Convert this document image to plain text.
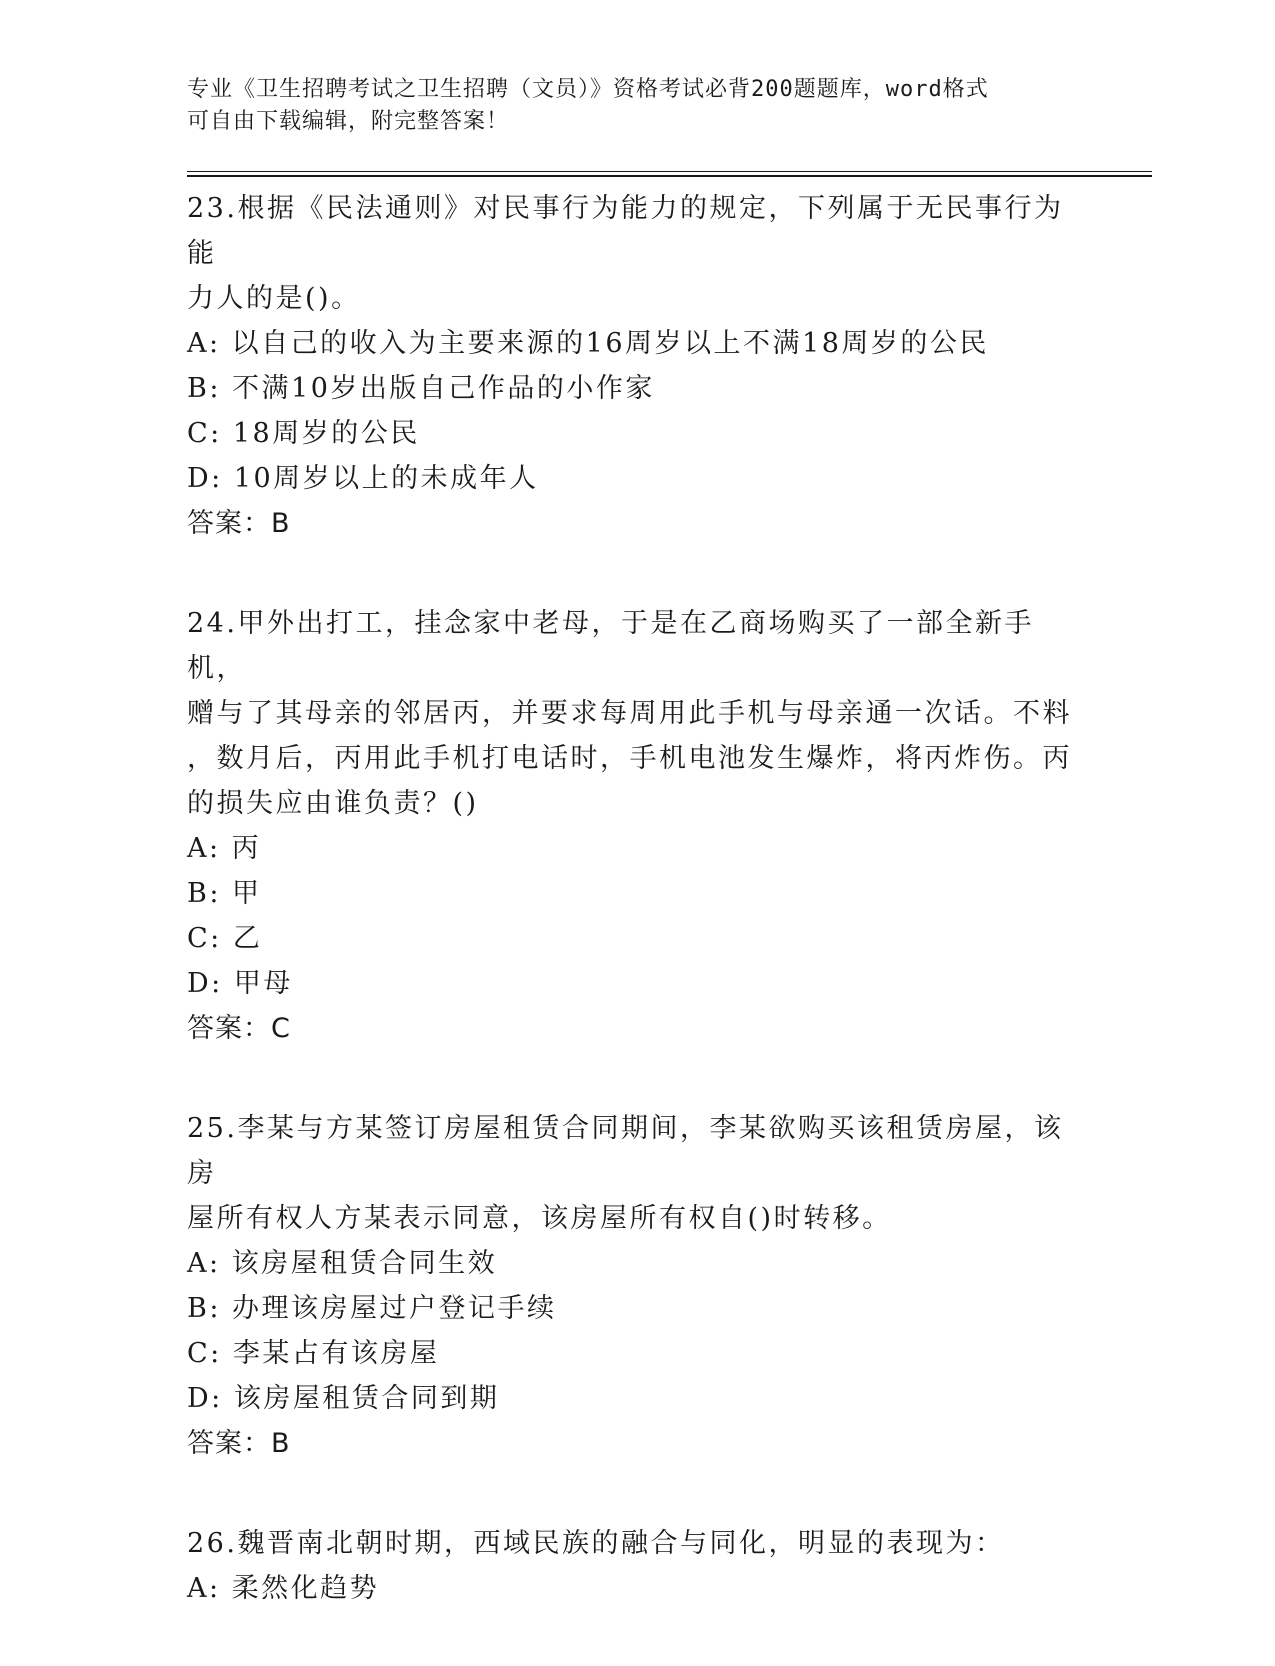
专业《卫生招聘考试之卫生招聘（文员）》资格考试必背200题题库，word格式
可自由下载编辑，附完整答案！

23.根据《民法通则》对民事行为能力的规定，下列属于无民事行为能

力人的是()。

A: 以自己的收入为主要来源的16周岁以上不满18周岁的公民

B: 不满10岁出版自己作品的小作家

C: 18周岁的公民

D: 10周岁以上的未成年人

答案：B

24.甲外出打工，挂念家中老母，于是在乙商场购买了一部全新手机，

赠与了其母亲的邻居丙，并要求每周用此手机与母亲通一次话。不料

，数月后，丙用此手机打电话时，手机电池发生爆炸，将丙炸伤。丙

的损失应由谁负责？()

A: 丙

B: 甲

C: 乙

D: 甲母

答案：C

25.李某与方某签订房屋租赁合同期间，李某欲购买该租赁房屋，该房

屋所有权人方某表示同意，该房屋所有权自()时转移。

A: 该房屋租赁合同生效

B: 办理该房屋过户登记手续

C: 李某占有该房屋

D: 该房屋租赁合同到期

答案：B

26.魏晋南北朝时期，西域民族的融合与同化，明显的表现为：

A: 柔然化趋势
